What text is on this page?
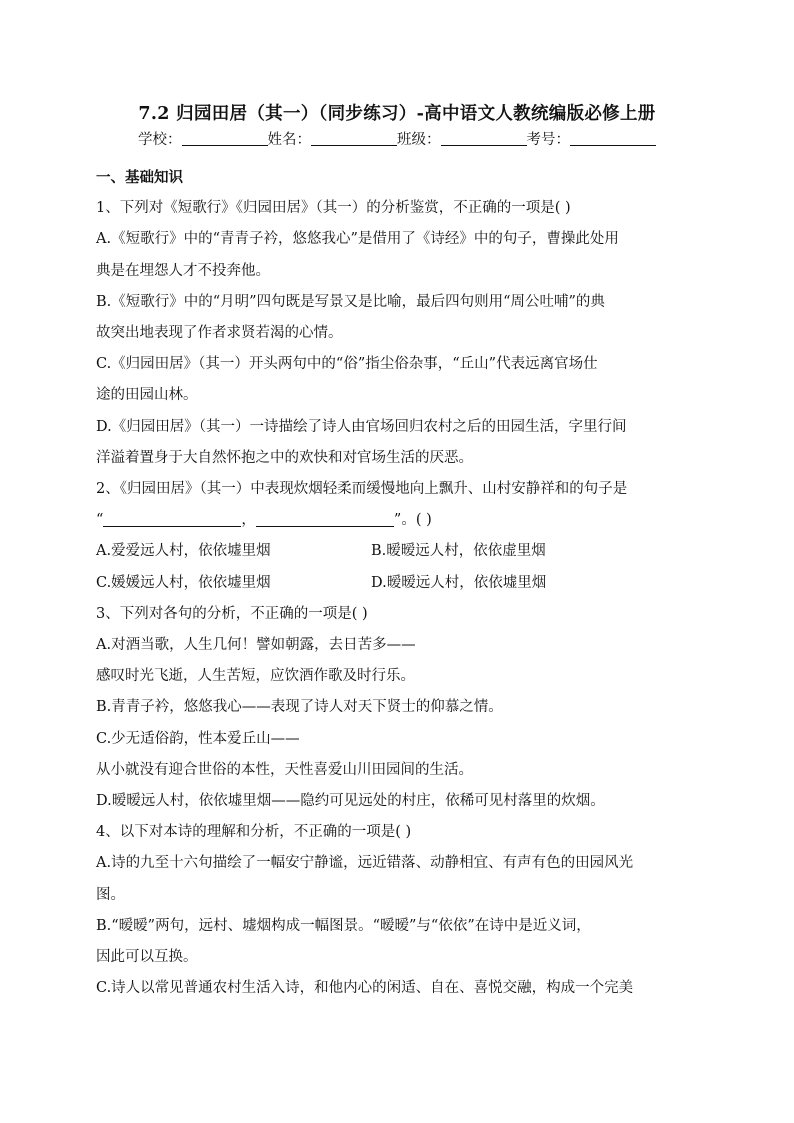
7.2 归园田居（其一）（同步练习）-高中语文人教统编版必修上册
学校：	姓名：	班级：	考号：
一、基础知识
1、下列对《短歌行》《归园田居》（其一）的分析鉴赏，不正确的一项是( )
A.《短歌行》中的“青青子衿，悠悠我心”是借用了《诗经》中的句子，曹操此处用
典是在埋怨人才不投奔他。
B.《短歌行》中的“月明”四句既是写景又是比喻，最后四句则用“周公吐哺”的典
故突出地表现了作者求贤若渴的心情。
C.《归园田居》（其一）开头两句中的“俗”指尘俗杂事，“丘山”代表远离官场仕
途的田园山林。
D.《归园田居》（其一）一诗描绘了诗人由官场回归农村之后的田园生活，字里行间
洋溢着置身于大自然怀抱之中的欢快和对官场生活的厌恶。
2、《归园田居》（其一）中表现炊烟轻柔而缓慢地向上飘升、山村安静祥和的句子是
“	，	”。( )
A.爱爱远人村，依依墟里烟	B.暧暧远人村，依依虚里烟
C.媛媛远人村，依依墟里烟	D.暧暧远人村，依依墟里烟
3、下列对各句的分析，不正确的一项是( )
A.对酒当歌，人生几何！譬如朝露，去日苦多——
感叹时光飞逝，人生苦短，应饮酒作歌及时行乐。
B.青青子衿，悠悠我心——表现了诗人对天下贤士的仰慕之情。
C.少无适俗韵，性本爱丘山——
从小就没有迎合世俗的本性，天性喜爱山川田园间的生活。
D.暧暧远人村，依依墟里烟——隐约可见远处的村庄，依稀可见村落里的炊烟。
4、以下对本诗的理解和分析，不正确的一项是( )
A.诗的九至十六句描绘了一幅安宁静谧，远近错落、动静相宜、有声有色的田园风光
图。
B.“暧暧”两句，远村、墟烟构成一幅图景。“暧暧”与“依依”在诗中是近义词，
因此可以互换。
C.诗人以常见普通农村生活入诗，和他内心的闲适、自在、喜悦交融，构成一个完美
